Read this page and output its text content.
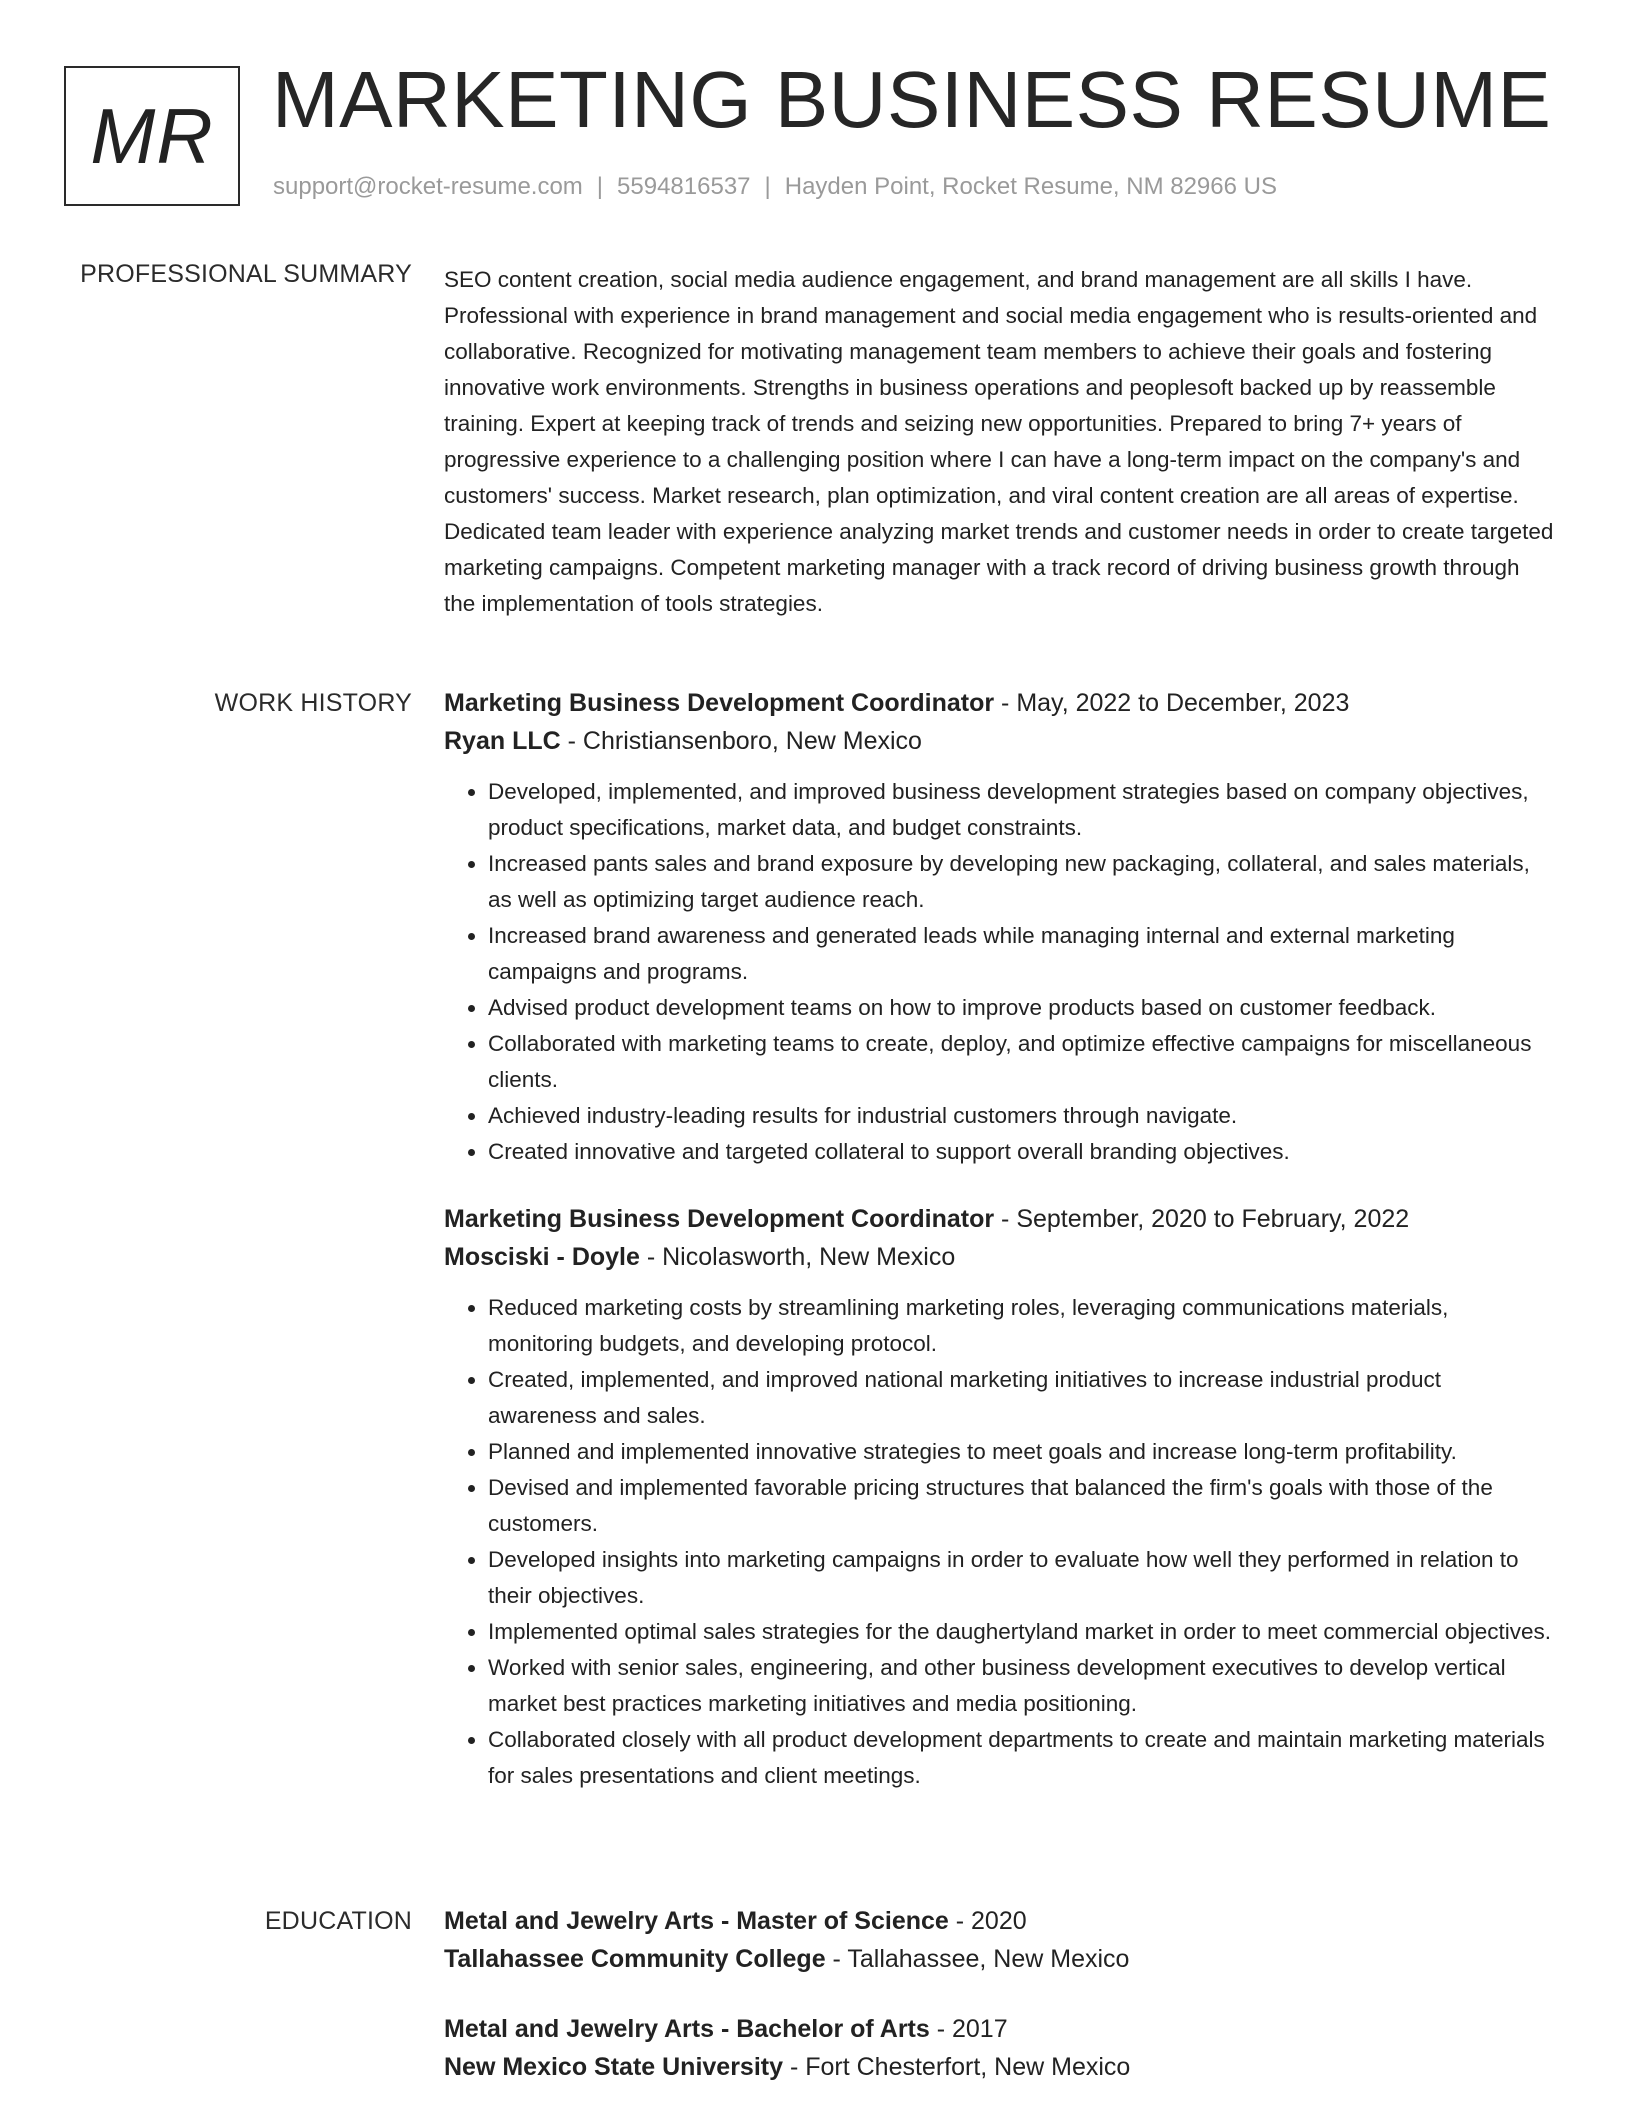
MR MARKETING BUSINESS RESUME
support@rocket-resume.com | 5594816537 | Hayden Point, Rocket Resume, NM 82966 US
PROFESSIONAL SUMMARY SEO content creation, social media audience engagement, and brand management are all skills I have. Professional with experience in brand management and social media engagement who is results-oriented and collaborative. Recognized for motivating management team members to achieve their goals and fostering innovative work environments. Strengths in business operations and peoplesoft backed up by reassemble training. Expert at keeping track of trends and seizing new opportunities. Prepared to bring 7+ years of progressive experience to a challenging position where I can have a long-term impact on the company's and customers' success. Market research, plan optimization, and viral content creation are all areas of expertise. Dedicated team leader with experience analyzing market trends and customer needs in order to create targeted marketing campaigns. Competent marketing manager with a track record of driving business growth through the implementation of tools strategies.

WORK HISTORY Marketing Business Development Coordinator - May, 2022 to December, 2023
Ryan LLC - Christiansenboro, New Mexico
• Developed, implemented, and improved business development strategies based on company objectives, product specifications, market data, and budget constraints.
• Increased pants sales and brand exposure by developing new packaging, collateral, and sales materials, as well as optimizing target audience reach.
• Increased brand awareness and generated leads while managing internal and external marketing campaigns and programs.
• Advised product development teams on how to improve products based on customer feedback.
• Collaborated with marketing teams to create, deploy, and optimize effective campaigns for miscellaneous clients.
• Achieved industry-leading results for industrial customers through navigate.
• Created innovative and targeted collateral to support overall branding objectives.
Marketing Business Development Coordinator - September, 2020 to February, 2022
Mosciski - Doyle - Nicolasworth, New Mexico
• Reduced marketing costs by streamlining marketing roles, leveraging communications materials, monitoring budgets, and developing protocol.
• Created, implemented, and improved national marketing initiatives to increase industrial product awareness and sales.
• Planned and implemented innovative strategies to meet goals and increase long-term profitability.
• Devised and implemented favorable pricing structures that balanced the firm's goals with those of the customers.
• Developed insights into marketing campaigns in order to evaluate how well they performed in relation to their objectives.
• Implemented optimal sales strategies for the daughertyland market in order to meet commercial objectives.
• Worked with senior sales, engineering, and other business development executives to develop vertical market best practices marketing initiatives and media positioning.
• Collaborated closely with all product development departments to create and maintain marketing materials for sales presentations and client meetings.
EDUCATION Metal and Jewelry Arts - Master of Science - 2020
Tallahassee Community College - Tallahassee, New Mexico
Metal and Jewelry Arts - Bachelor of Arts - 2017
New Mexico State University - Fort Chesterfort, New Mexico
